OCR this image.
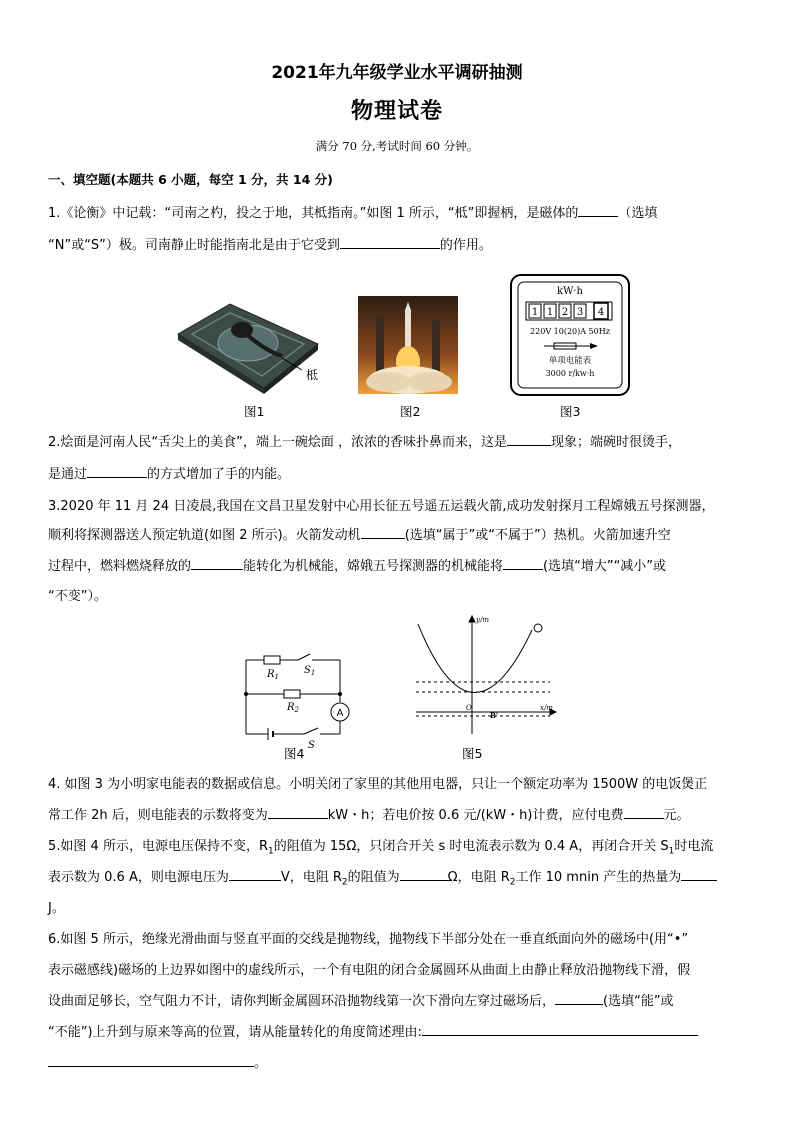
2021年九年级学业水平调研抽测
物理试卷
满分 70 分,考试时间 60 分钟。
一、填空题(本题共 6 小题，每空 1 分，共 14 分)
1.《论衡》中记载：“司南之杓，投之于地，其柢指南。”如图 1 所示，“柢”即握柄，是磁体的	（选填
“N”或“S”）极。司南静止时能指南北是由于它受到	的作用。
柢
图1	图2
kW·h
1 1 2 3 4
220V 10(20)A 50Hz
单项电能表
3000 r/kw·h
图3
2.烩面是河南人民“舌尖上的美食”，端上一碗烩面 ，浓浓的香味扑鼻而来，这是	现象；端碗时很烫手，
是通过	的方式增加了手的内能。
3.2020 年 11 月 24 日凌晨,我国在文昌卫星发射中心用长征五号遥五运载火箭,成功发射探月工程嫦娥五号探测器，
顺利将探测器送人预定轨道(如图 2 所示)。火箭发动机	(选填“属于”或“不属于”）热机。火箭加速升空
过程中，燃料燃烧释放的	能转化为机械能，嫦娥五号探测器的机械能将	(选填“增大”“减小”或
“不变”）。
$R_1$
$S_1$
$R_2$
S
A
图4
y/m
x/m
O
B'
图5
4. 如图 3 为小明家电能表的数据或信息。小明关闭了家里的其他用电器，只让一个额定功率为 1500W 的电饭煲正
常工作 2h 后，则电能表的示数将变为	kW・h；若电价按 0.6 元/(kW・h)计费，应付电费	元。
5.如图 4 所示，电源电压保持不变，$R_1$的阻值为 15Ω，只闭合开关 s 时电流表示数为 0.4 A，再闭合开关 $S_1$时电流
表示数为 0.6 A，则电源电压为	V，电阻 $R_2$的阻值为	Ω，电阻 $R_2$工作 10 mnin 产生的热量为
J。
6.如图 5 所示，绝缘光滑曲面与竖直平面的交线是抛物线，抛物线下半部分处在一垂直纸面向外的磁场中(用“•”
表示磁感线)磁场的上边界如图中的虚线所示，一个有电阻的闭合金属圆环从曲面上由静止释放沿抛物线下滑，假
设曲面足够长，空气阻力不计，请你判断金属圆环沿抛物线第一次下滑向左穿过磁场后，	(选填“能”或
“不能”)上升到与原来等高的位置，请从能量转化的角度简述理由:
。
